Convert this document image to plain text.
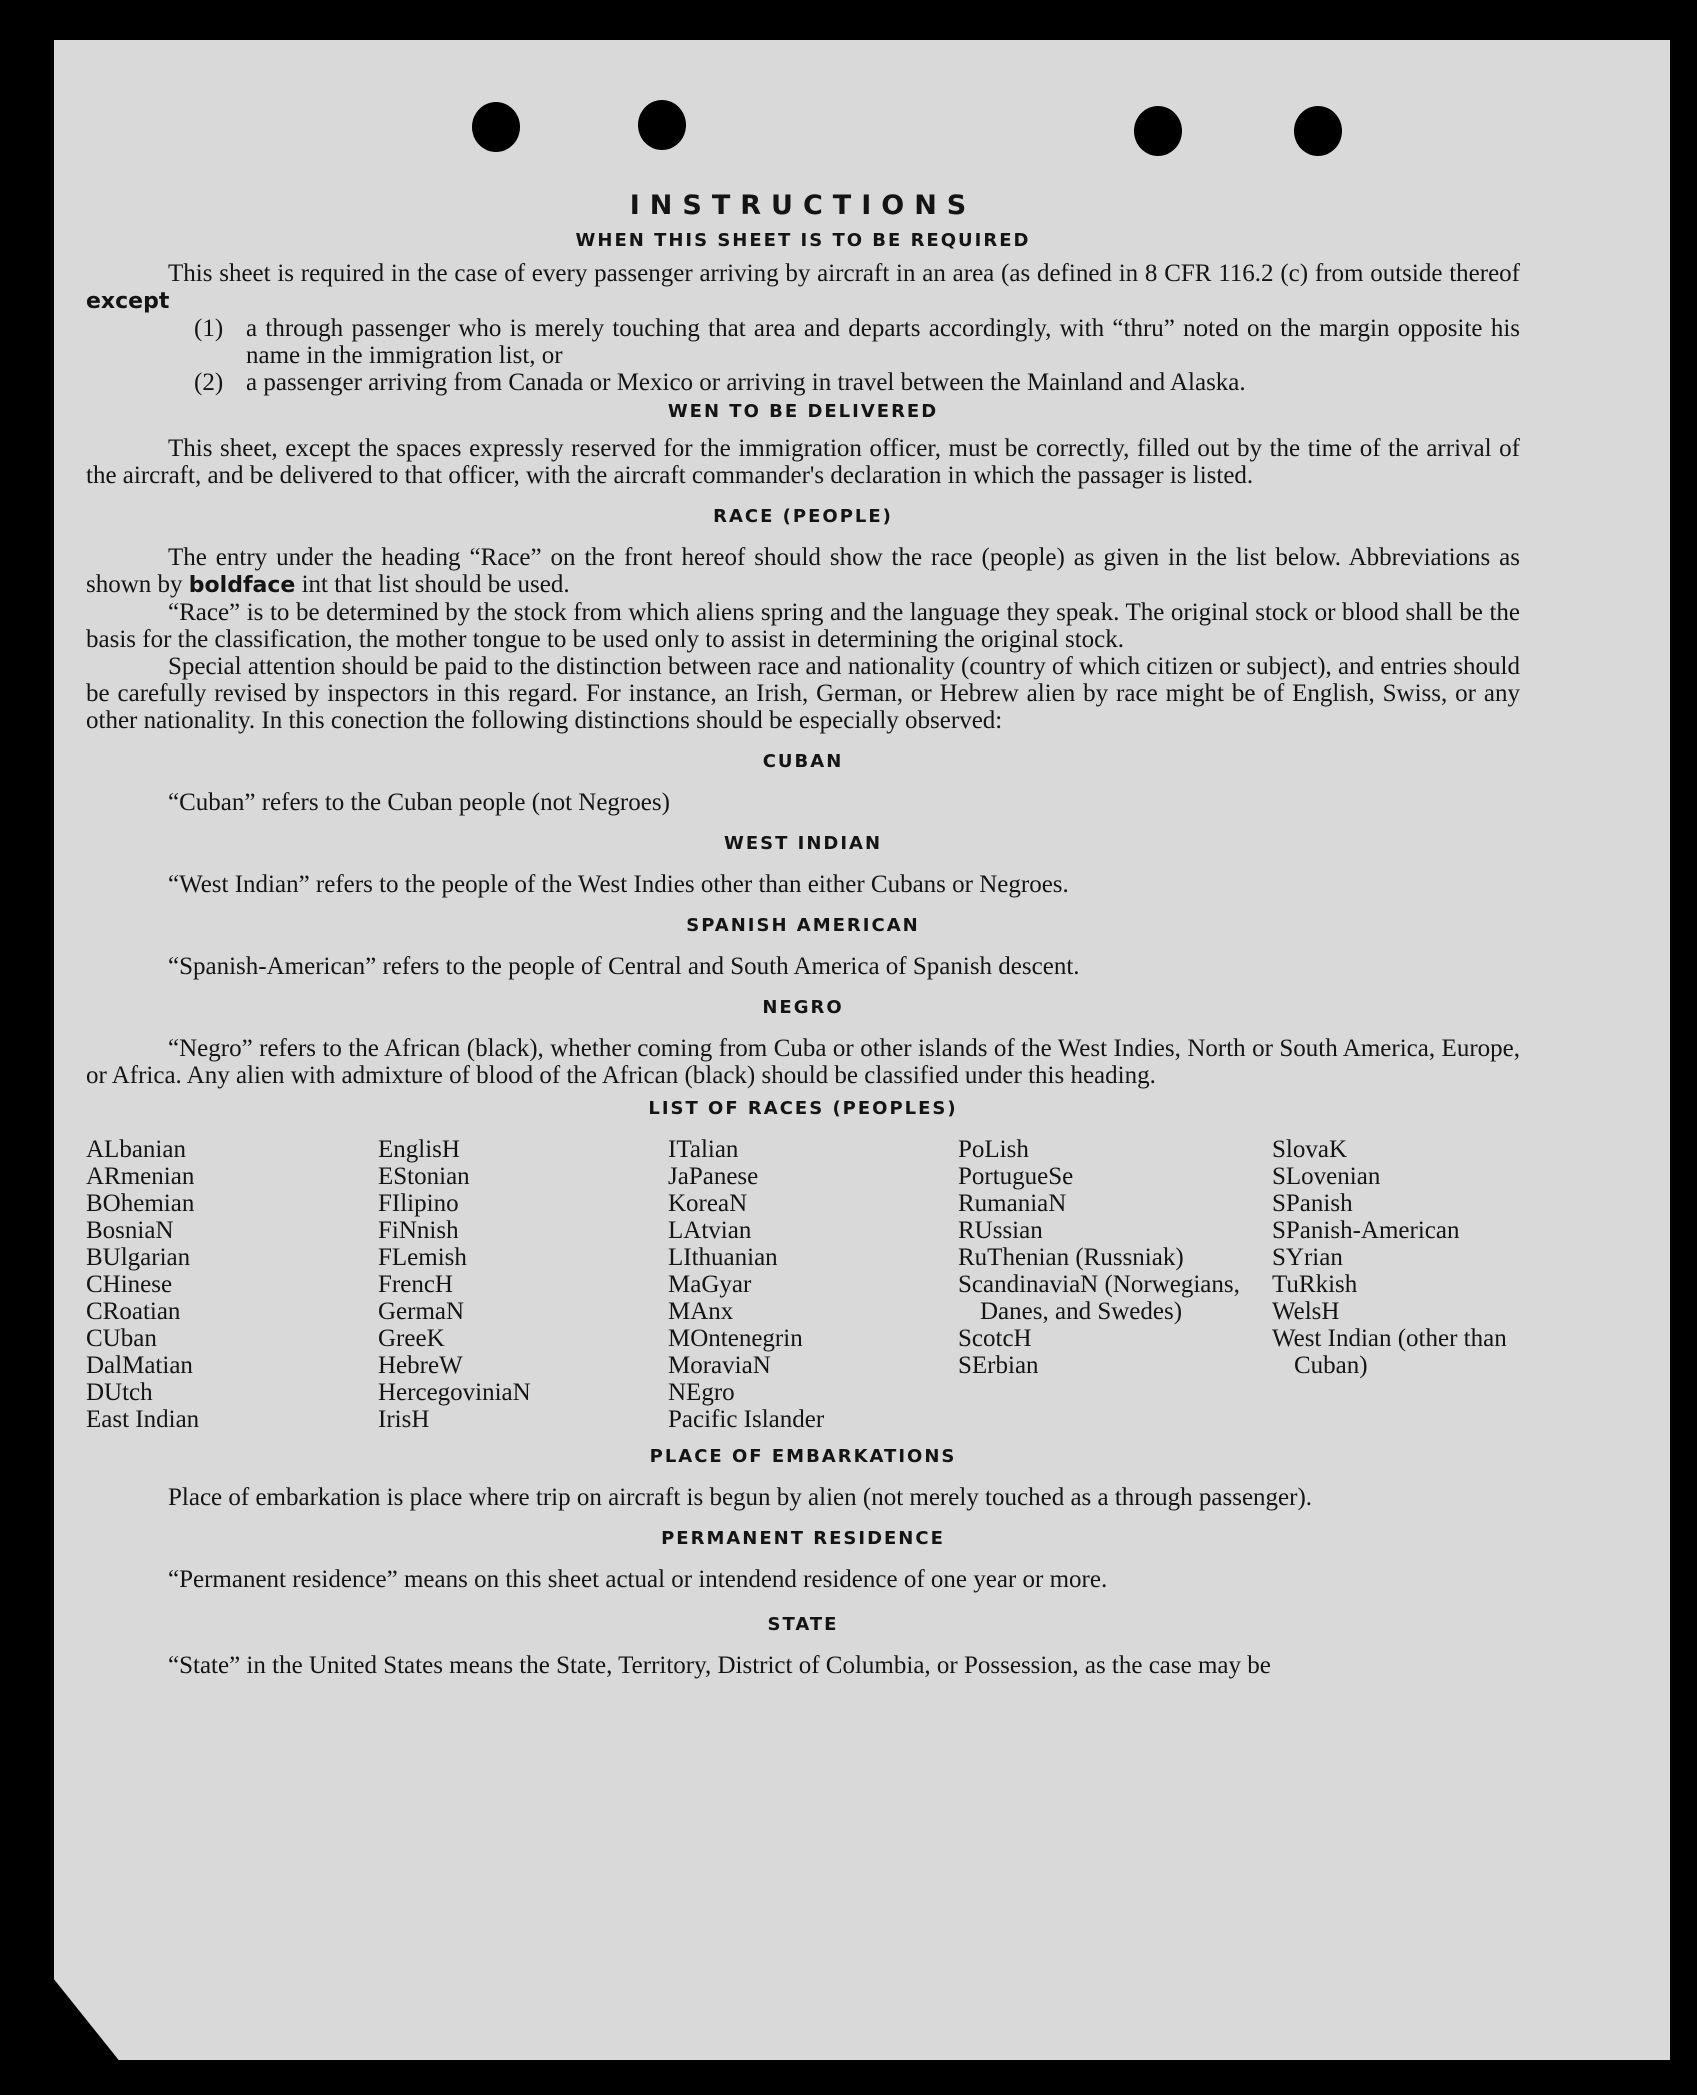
INSTRUCTIONS
WHEN THIS SHEET IS TO BE REQUIRED

This sheet is required in the case of every passenger arriving by aircraft in an area (as defined in 8 CFR 116.2 (c) from outside thereof except

(1) a through passenger who is merely touching that area and departs accordingly, with “thru” noted on the margin opposite his name in the immigration list, or
(2) a passenger arriving from Canada or Mexico or arriving in travel between the Mainland and Alaska.
WEN TO BE DELIVERED

This sheet, except the spaces expressly reserved for the immigration officer, must be correctly, filled out by the time of the arrival of the aircraft, and be delivered to that officer, with the aircraft commander's declaration in which the passager is listed.

RACE (PEOPLE)

The entry under the heading “Race” on the front hereof should show the race (people) as given in the list below. Abbreviations as shown by boldface int that list should be used.

“Race” is to be determined by the stock from which aliens spring and the language they speak. The original stock or blood shall be the basis for the classification, the mother tongue to be used only to assist in determining the original stock.

Special attention should be paid to the distinction between race and nationality (country of which citizen or subject), and entries should be carefully revised by inspectors in this regard. For instance, an Irish, German, or Hebrew alien by race might be of English, Swiss, or any other nationality. In this conection the following distinctions should be especially observed:

CUBAN

“Cuban” refers to the Cuban people (not Negroes)

WEST INDIAN

“West Indian” refers to the people of the West Indies other than either Cubans or Negroes.

SPANISH AMERICAN

“Spanish-American” refers to the people of Central and South America of Spanish descent.

NEGRO

“Negro” refers to the African (black), whether coming from Cuba or other islands of the West Indies, North or South America, Europe, or Africa. Any alien with admixture of blood of the African (black) should be classified under this heading.

LIST OF RACES (PEOPLES)
ALbanian
ARmenian
BOhemian
BosniaN
BUlgarian
CHinese
CRoatian
CUban
DalMatian
DUtch
East Indian
EnglisH
EStonian
FIlipino
FiNnish
FLemish
FrencH
GermaN
GreeK
HebreW
HercegoviniaN
IrisH
ITalian
JaPanese
KoreaN
LAtvian
LIthuanian
MaGyar
MAnx
MOntenegrin
MoraviaN
NEgro
Pacific Islander
PoLish
PortugueSe
RumaniaN
RUssian
RuThenian (Russniak)
ScandinaviaN (Norwegians, Danes, and Swedes)
ScotcH
SErbian
SlovaK
SLovenian
SPanish
SPanish-American
SYrian
TuRkish
WelsH
West Indian (other than Cuban)
PLACE OF EMBARKATIONS

Place of embarkation is place where trip on aircraft is begun by alien (not merely touched as a through passenger).

PERMANENT RESIDENCE

“Permanent residence” means on this sheet actual or intendend residence of one year or more.

STATE

“State” in the United States means the State, Territory, District of Columbia, or Possession, as the case may be
